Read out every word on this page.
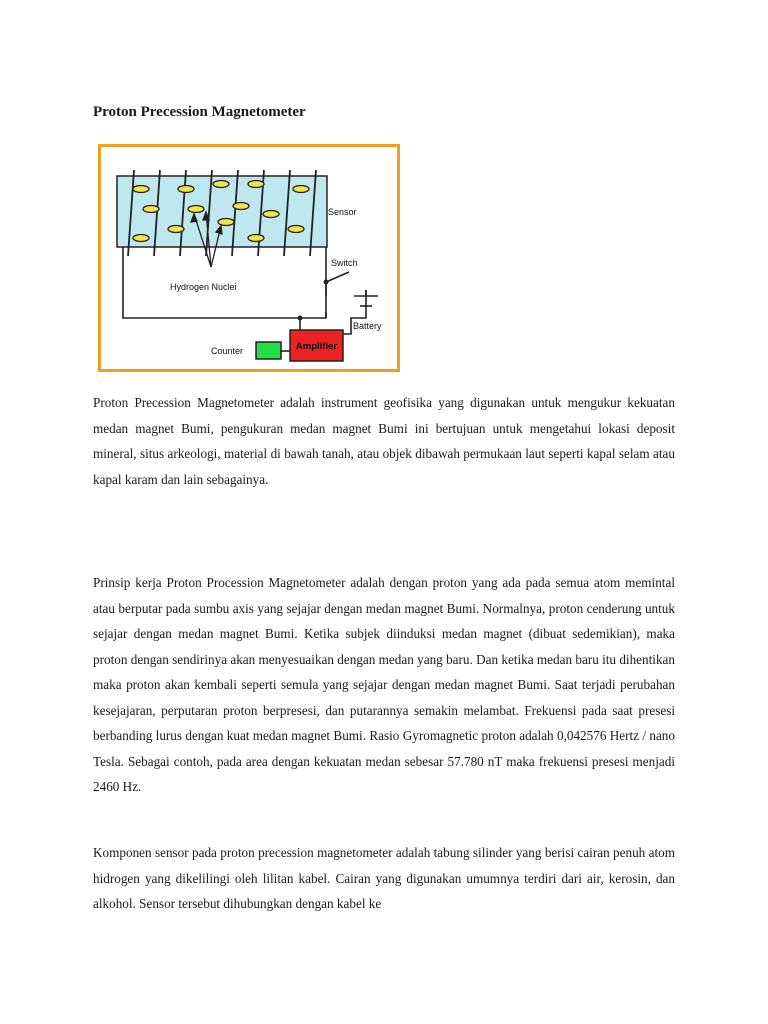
Proton Precession Magnetometer
Amplifier
Counter
Sensor
Switch
Battery
Hydrogen Nuclei

Proton Precession Magnetometer adalah instrument geofisika yang digunakan untuk mengukur kekuatan medan magnet Bumi, pengukuran medan magnet Bumi ini bertujuan untuk mengetahui lokasi deposit mineral, situs arkeologi, material di bawah tanah, atau objek dibawah permukaan laut seperti kapal selam atau kapal karam dan lain sebagainya.

Prinsip kerja Proton Procession Magnetometer adalah dengan proton yang ada pada semua atom memintal atau berputar pada sumbu axis yang sejajar dengan medan magnet Bumi. Normalnya, proton cenderung untuk sejajar dengan medan magnet Bumi. Ketika subjek diinduksi medan magnet (dibuat sedemikian), maka proton dengan sendirinya akan menyesuaikan dengan medan yang baru. Dan ketika medan baru itu dihentikan maka proton akan kembali seperti semula yang sejajar dengan medan magnet Bumi. Saat terjadi perubahan kesejajaran, perputaran proton berpresesi, dan putarannya semakin melambat. Frekuensi pada saat presesi berbanding lurus dengan kuat medan magnet Bumi. Rasio Gyromagnetic proton adalah 0,042576 Hertz / nano Tesla. Sebagai contoh, pada area dengan kekuatan medan sebesar 57.780 nT maka frekuensi presesi menjadi 2460 Hz.

Komponen sensor pada proton precession magnetometer adalah tabung silinder yang berisi cairan penuh atom hidrogen yang dikelilingi oleh lilitan kabel. Cairan yang digunakan umumnya terdiri dari air, kerosin, dan alkohol. Sensor tersebut dihubungkan dengan kabel ke
